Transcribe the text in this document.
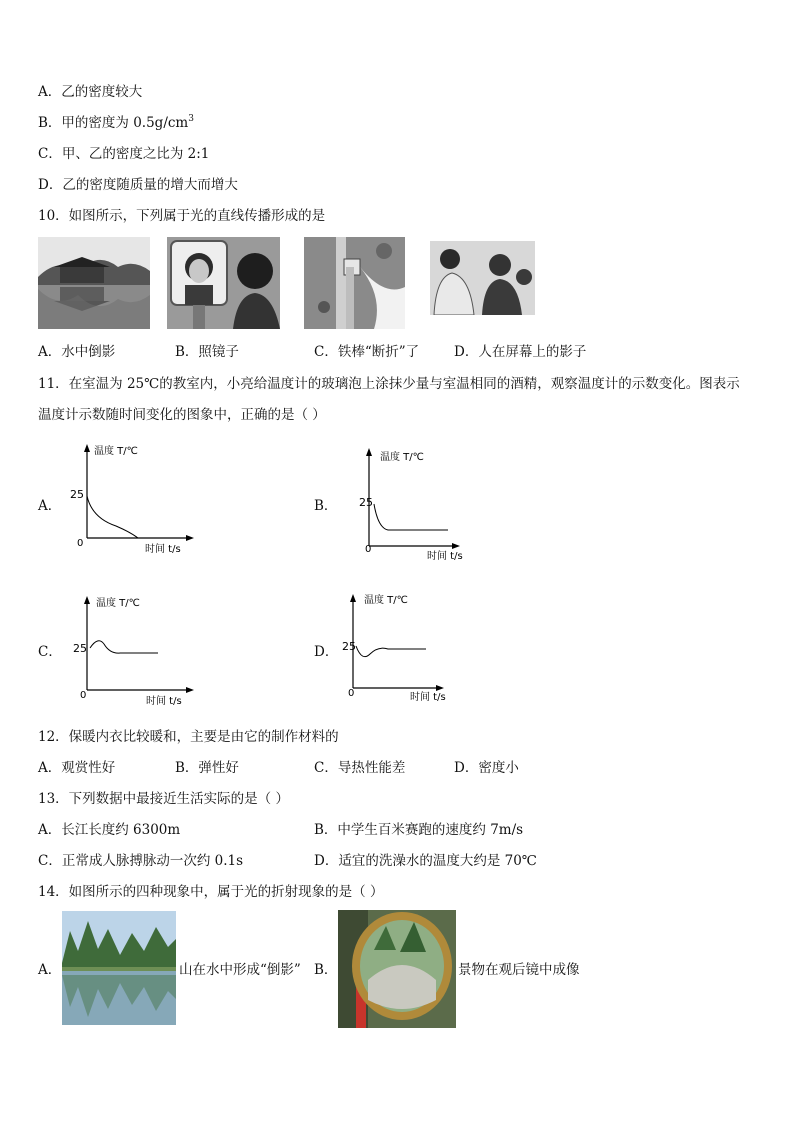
A．乙的密度较大
B．甲的密度为 $0.5g/cm^3$
C．甲、乙的密度之比为 2:1
D．乙的密度随质量的增大而增大
10．如图所示，下列属于光的直线传播形成的是
A．水中倒影	B．照镜子	C．铁棒“断折”了	D．人在屏幕上的影子
11．在室温为 25℃的教室内，小亮给温度计的玻璃泡上涂抹少量与室温相同的酒精，观察温度计的示数变化。图表示
温度计示数随时间变化的图象中，正确的是（ ）
A．
温度 T/℃
25
0
时间 t/s
B．
温度 T/℃
25
0
时间 t/s
C．
温度 T/℃
25
0
时间 t/s
D．
温度 T/℃
25
0	时间 t/s
12．保暖内衣比较暖和，主要是由它的制作材料的
A．观赏性好	B．弹性好	C．导热性能差	D．密度小
13．下列数据中最接近生活实际的是（ ）
A．长江长度约 6300m	B．中学生百米赛跑的速度约 7m/s
C．正常成人脉搏脉动一次约 0.1s	D．适宜的洗澡水的温度大约是 70℃
14．如图所示的四种现象中，属于光的折射现象的是（ ）
A．	山在水中形成“倒影” B．	景物在观后镜中成像
